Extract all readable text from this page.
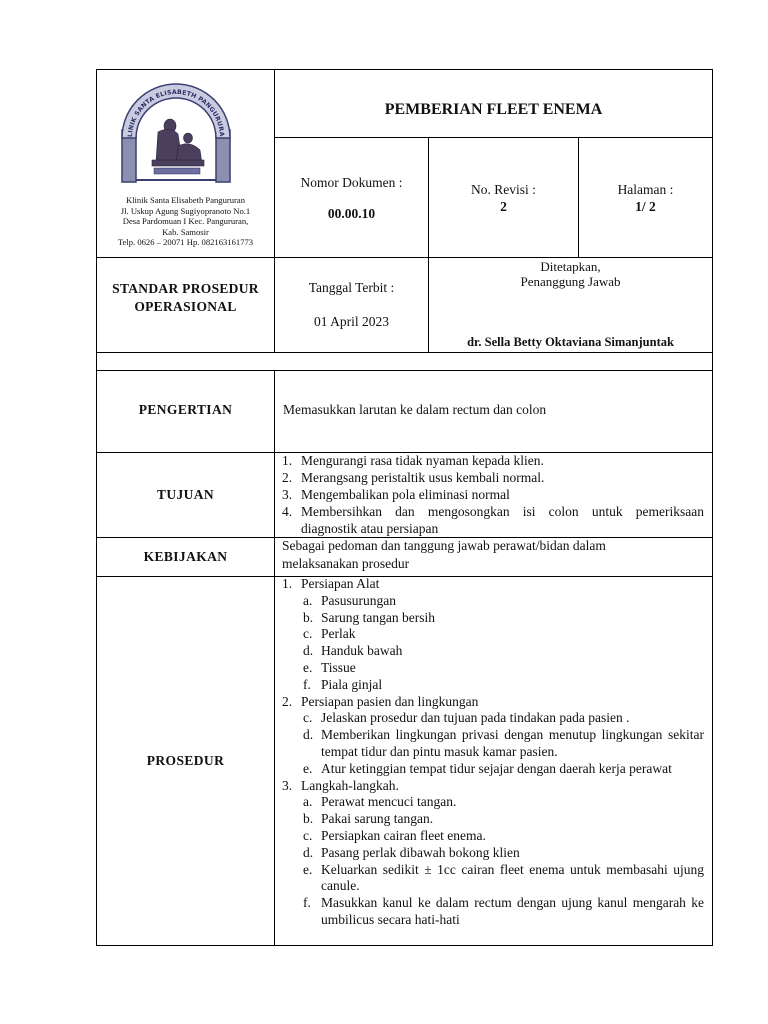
LINIK SANTA ELISABETH PANGURURA
Klinik Santa Elisabeth Pangururan
Jl. Uskup Agung Sugiyopranoto No.1
Desa Pardomuan I Kec. Pangururan,
Kab. Samosir
Telp. 0626 – 20071 Hp. 082163161773
PEMBERIAN FLEET ENEMA
Nomor Dokumen :
00.00.10
No. Revisi :
2
Halaman :
1/ 2
STANDAR PROSEDUR OPERASIONAL
Tanggal Terbit :
01 April 2023
Ditetapkan,
Penanggung Jawab
dr. Sella Betty Oktaviana Simanjuntak
PENGERTIAN	Memasukkan larutan ke dalam rectum dan colon
TUJUAN
1. Mengurangi rasa tidak nyaman kepada klien.
2. Merangsang peristaltik usus kembali normal.
3. Mengembalikan pola eliminasi normal
4. Membersihkan dan mengosongkan isi colon untuk pemeriksaan diagnostik atau persiapan
KEBIJAKAN
Sebagai pedoman dan tanggung jawab perawat/bidan dalam melaksanakan prosedur
PROSEDUR
1. Persiapan Alat
a. Pasusurungan
b. Sarung tangan bersih
c. Perlak
d. Handuk bawah
e. Tissue
f. Piala ginjal
2. Persiapan pasien dan lingkungan
c. Jelaskan prosedur dan tujuan pada tindakan pada pasien .
d. Memberikan lingkungan privasi dengan menutup lingkungan sekitar tempat tidur dan pintu masuk kamar pasien.
e. Atur ketinggian tempat tidur sejajar dengan daerah kerja perawat
3. Langkah-langkah.
a. Perawat mencuci tangan.
b. Pakai sarung tangan.
c. Persiapkan cairan fleet enema.
d. Pasang perlak dibawah bokong klien
e. Keluarkan sedikit ± 1cc cairan fleet enema untuk membasahi ujung canule.
f. Masukkan kanul ke dalam rectum dengan ujung kanul mengarah ke umbilicus secara hati-hati
